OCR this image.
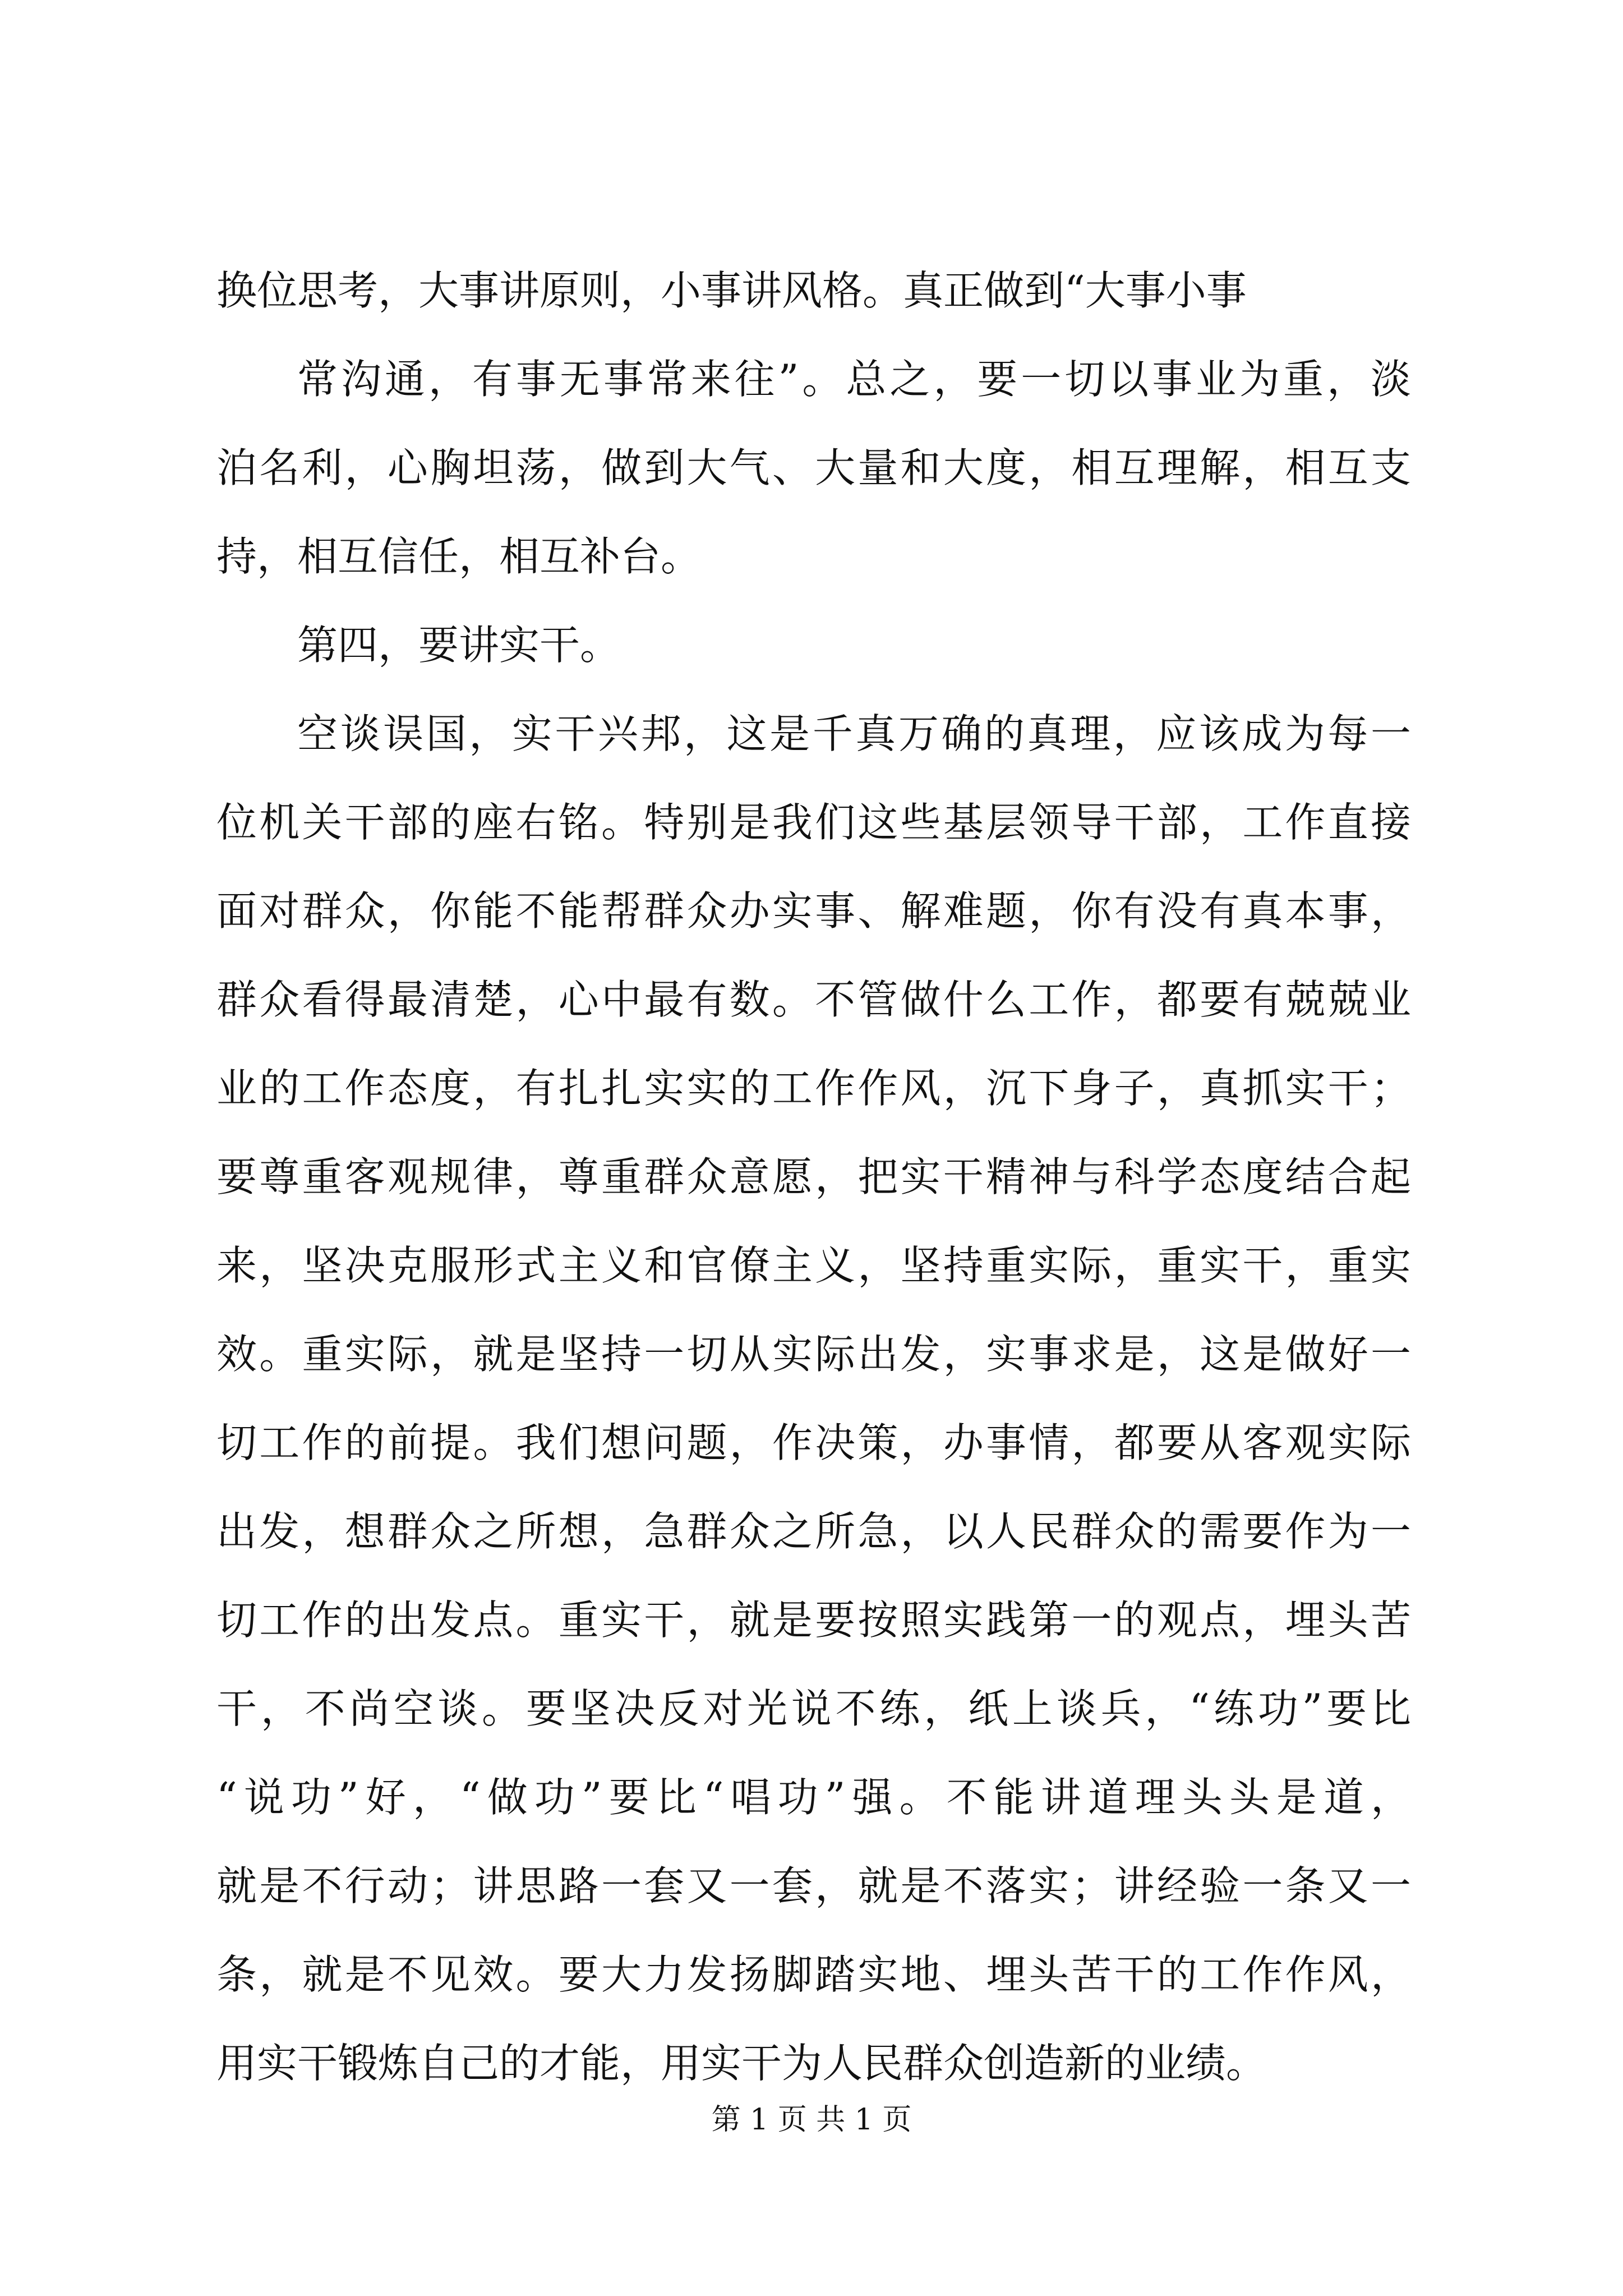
换位思考，大事讲原则，小事讲风格。真正做到“大事小事
常沟通，有事无事常来往”。总之，要一切以事业为重，淡
泊名利，心胸坦荡，做到大气、大量和大度，相互理解，相互支
持，相互信任，相互补台。
第四，要讲实干。
空谈误国，实干兴邦，这是千真万确的真理，应该成为每一
位机关干部的座右铭。特别是我们这些基层领导干部，工作直接
面对群众，你能不能帮群众办实事、解难题，你有没有真本事，
群众看得最清楚，心中最有数。不管做什么工作，都要有兢兢业
业的工作态度，有扎扎实实的工作作风，沉下身子，真抓实干；
要尊重客观规律，尊重群众意愿，把实干精神与科学态度结合起
来，坚决克服形式主义和官僚主义，坚持重实际，重实干，重实
效。重实际，就是坚持一切从实际出发，实事求是，这是做好一
切工作的前提。我们想问题，作决策，办事情，都要从客观实际
出发，想群众之所想，急群众之所急，以人民群众的需要作为一
切工作的出发点。重实干，就是要按照实践第一的观点，埋头苦
干，不尚空谈。要坚决反对光说不练，纸上谈兵，“练功”要比
“说功”好，“做功”要比“唱功”强。不能讲道理头头是道，
就是不行动；讲思路一套又一套，就是不落实；讲经验一条又一
条，就是不见效。要大力发扬脚踏实地、埋头苦干的工作作风，
用实干锻炼自己的才能，用实干为人民群众创造新的业绩。
第 1 页 共 1 页
